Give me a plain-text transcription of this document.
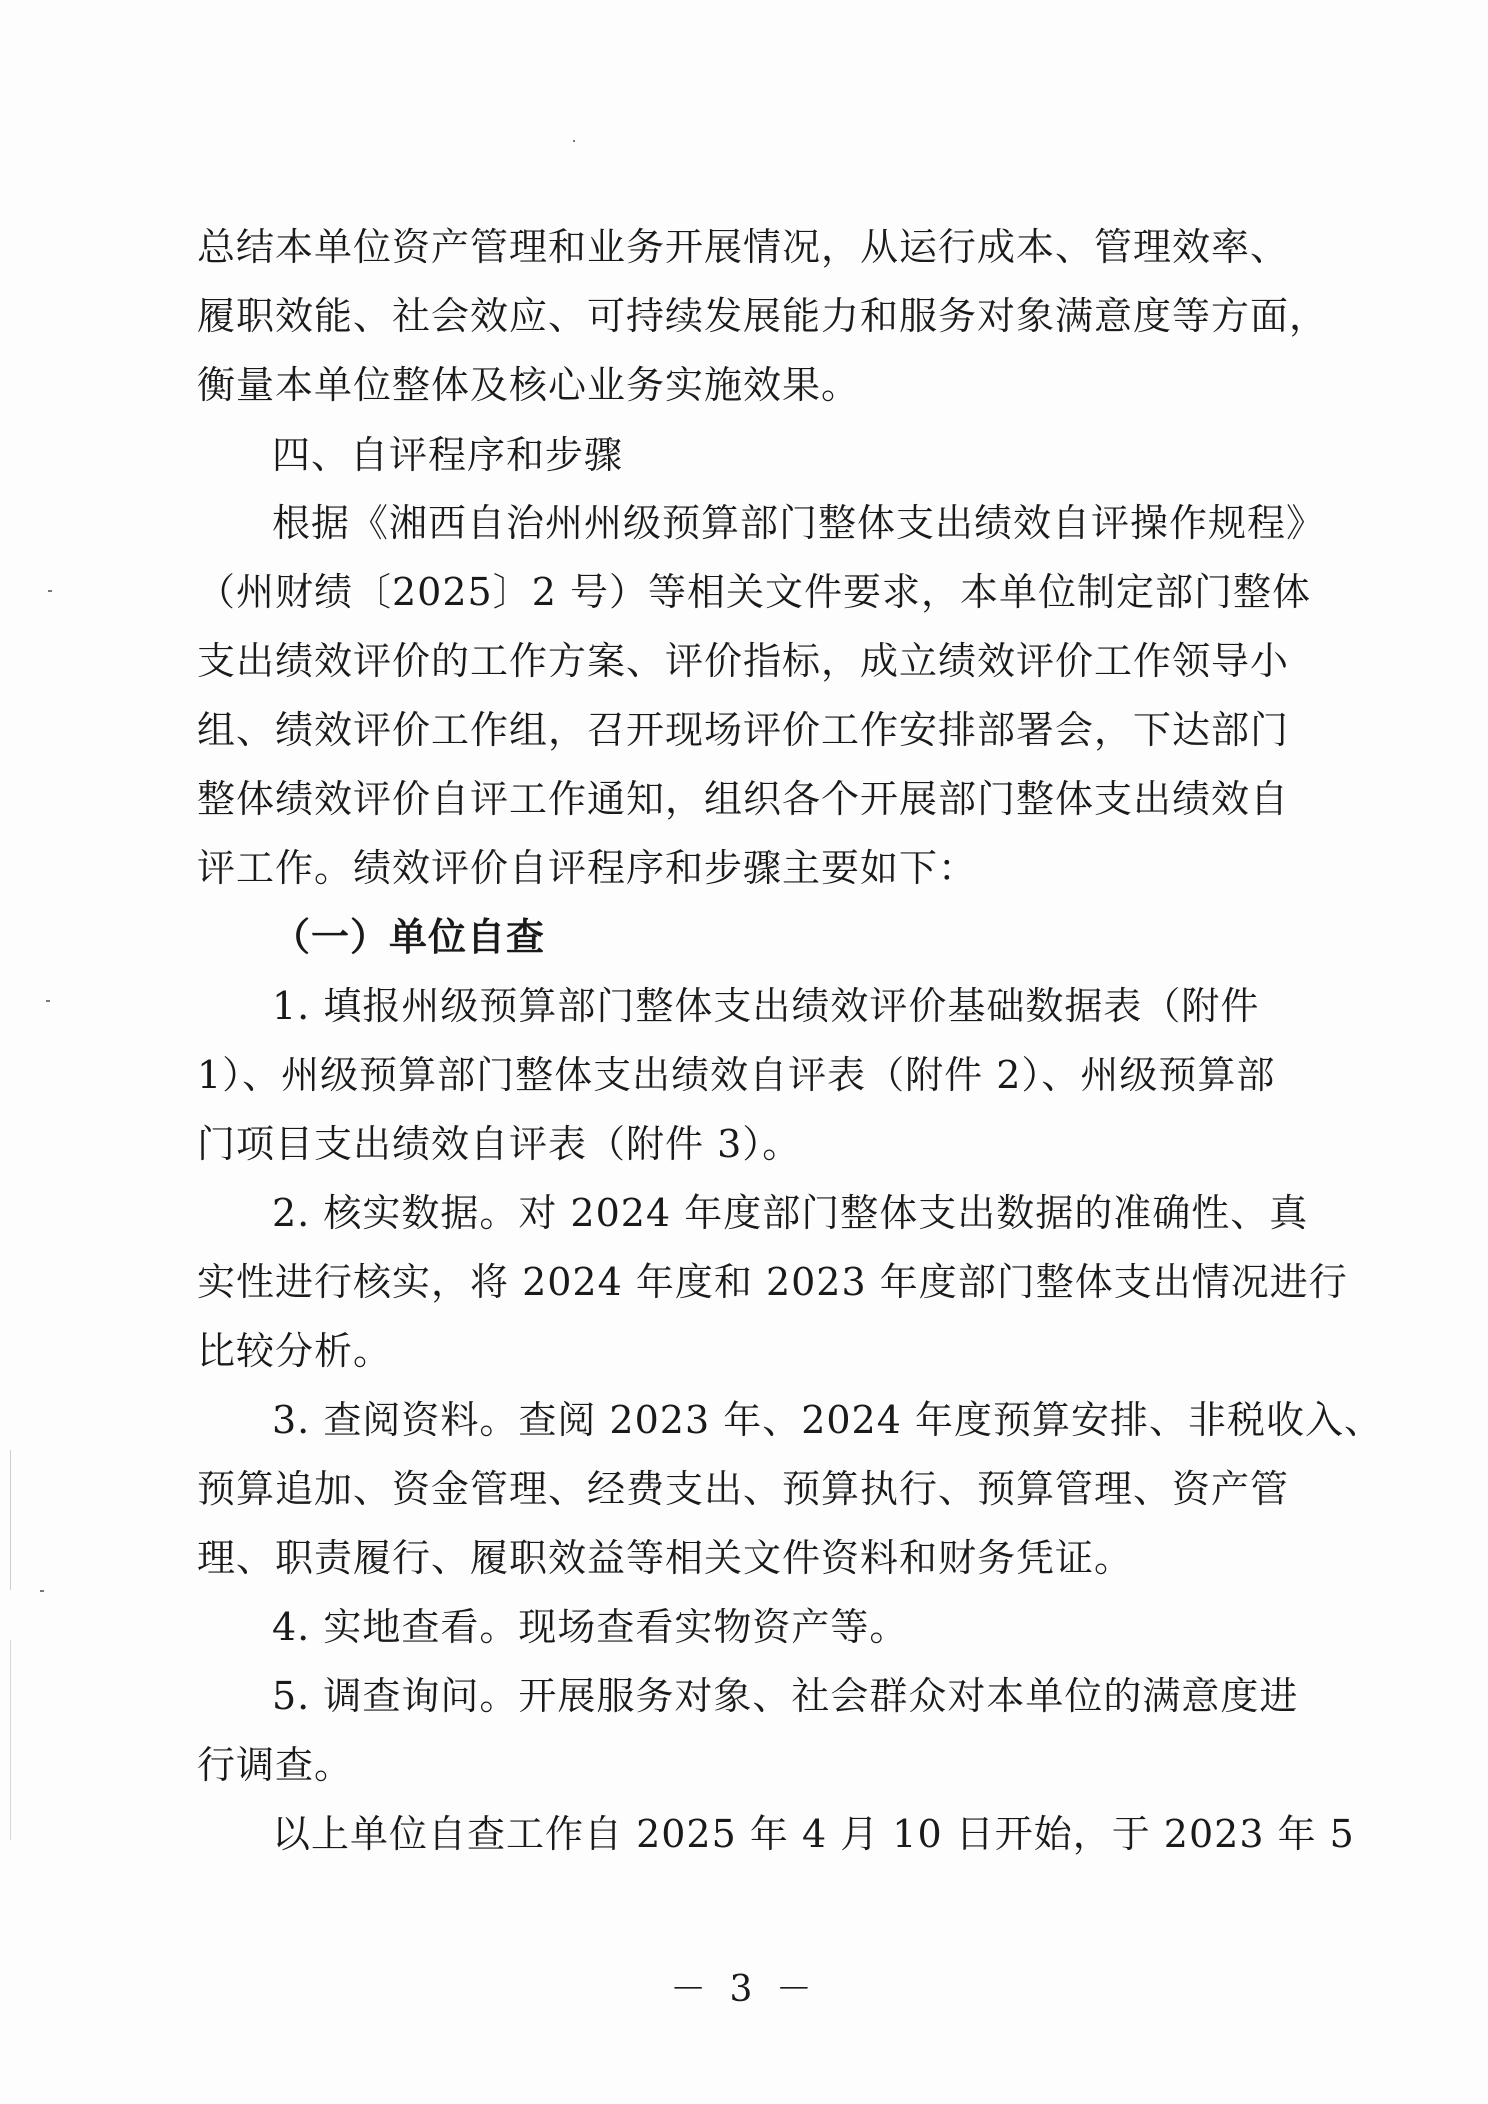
总结本单位资产管理和业务开展情况，从运行成本、管理效率、
履职效能、社会效应、可持续发展能力和服务对象满意度等方面，
衡量本单位整体及核心业务实施效果。
四、自评程序和步骤
根据《湘西自治州州级预算部门整体支出绩效自评操作规程》
（州财绩〔2025〕2 号）等相关文件要求，本单位制定部门整体
支出绩效评价的工作方案、评价指标，成立绩效评价工作领导小
组、绩效评价工作组，召开现场评价工作安排部署会，下达部门
整体绩效评价自评工作通知，组织各个开展部门整体支出绩效自
评工作。绩效评价自评程序和步骤主要如下：
（一）单位自查
1. 填报州级预算部门整体支出绩效评价基础数据表（附件
1）、州级预算部门整体支出绩效自评表（附件 2）、州级预算部
门项目支出绩效自评表（附件 3）。
2. 核实数据。对 2024 年度部门整体支出数据的准确性、真
实性进行核实，将 2024 年度和 2023 年度部门整体支出情况进行
比较分析。
3. 查阅资料。查阅 2023 年、2024 年度预算安排、非税收入、
预算追加、资金管理、经费支出、预算执行、预算管理、资产管
理、职责履行、履职效益等相关文件资料和财务凭证。
4. 实地查看。现场查看实物资产等。
5. 调查询问。开展服务对象、社会群众对本单位的满意度进
行调查。
以上单位自查工作自 2025 年 4 月 10 日开始，于 2023 年 5
－ 3 －
